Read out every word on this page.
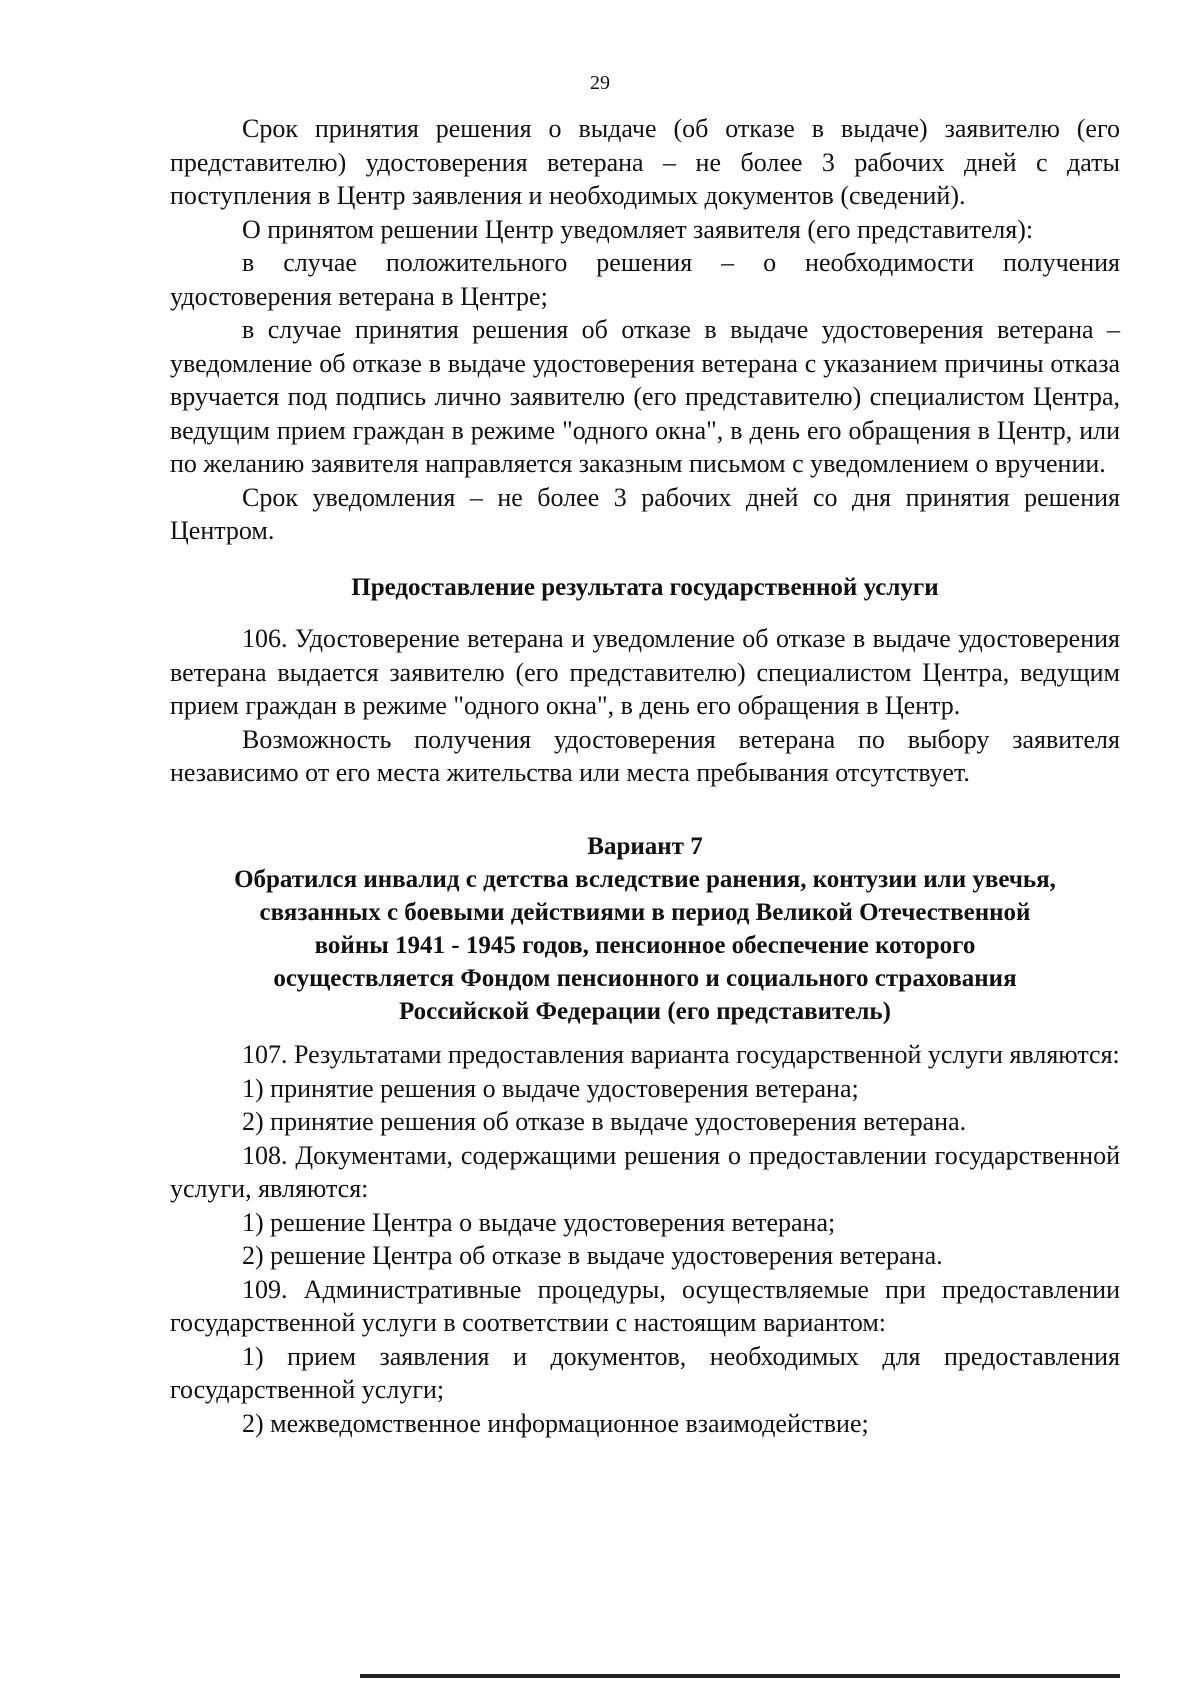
29

Срок принятия решения о выдаче (об отказе в выдаче) заявителю (его представителю) удостоверения ветерана – не более 3 рабочих дней с даты поступления в Центр заявления и необходимых документов (сведений).

О принятом решении Центр уведомляет заявителя (его представителя):

в случае положительного решения – о необходимости получения удостоверения ветерана в Центре;

в случае принятия решения об отказе в выдаче удостоверения ветерана – уведомление об отказе в выдаче удостоверения ветерана с указанием причины отказа вручается под подпись лично заявителю (его представителю) специалистом Центра, ведущим прием граждан в режиме "одного окна", в день его обращения в Центр, или по желанию заявителя направляется заказным письмом с уведомлением о вручении.

Срок уведомления – не более 3 рабочих дней со дня принятия решения Центром.

Предоставление результата государственной услуги

106. Удостоверение ветерана и уведомление об отказе в выдаче удостоверения ветерана выдается заявителю (его представителю) специалистом Центра, ведущим прием граждан в режиме "одного окна", в день его обращения в Центр.

Возможность получения удостоверения ветерана по выбору заявителя независимо от его места жительства или места пребывания отсутствует.

Вариант 7
Обратился инвалид с детства вследствие ранения, контузии или увечья,
связанных с боевыми действиями в период Великой Отечественной
войны 1941 - 1945 годов, пенсионное обеспечение которого
осуществляется Фондом пенсионного и социального страхования
Российской Федерации (его представитель)

107. Результатами предоставления варианта государственной услуги являются:

1) принятие решения о выдаче удостоверения ветерана;

2) принятие решения об отказе в выдаче удостоверения ветерана.

108. Документами, содержащими решения о предоставлении государственной услуги, являются:

1) решение Центра о выдаче удостоверения ветерана;

2) решение Центра об отказе в выдаче удостоверения ветерана.

109. Административные процедуры, осуществляемые при предоставлении государственной услуги в соответствии с настоящим вариантом:

1) прием заявления и документов, необходимых для предоставления государственной услуги;

2) межведомственное информационное взаимодействие;
